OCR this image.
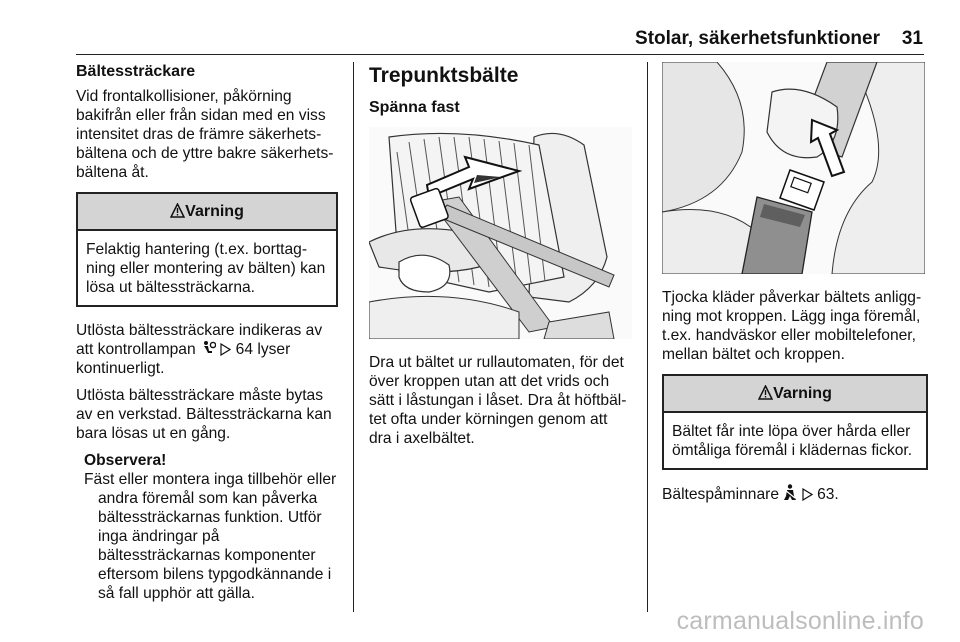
Stolar, säkerhetsfunktioner 31
Bältessträckare

Vid frontalkollisioner, påkörning bakifrån eller från sidan med en viss intensitet dras de främre säkerhets-bältena och de yttre bakre säkerhets-bältena åt.

Varning
Felaktig hantering (t.ex. borttag-ning eller montering av bälten) kan lösa ut bältessträckarna.

Utlösta bältessträckare indikeras av att kontrollampan	64 lyser kontinuerligt.

Utlösta bältessträckare måste bytas av en verkstad. Bältessträckarna kan bara lösas ut en gång.

Observera!
Fäst eller montera inga tillbehör eller andra föremål som kan påverka bältessträckarnas funktion. Utför inga ändringar på bältessträckarnas komponenter eftersom bilens typgodkännande i så fall upphör att gälla.
Trepunktsbälte
Spänna fast

Dra ut bältet ur rullautomaten, för det över kroppen utan att det vrids och sätt i låstungan i låset. Dra åt höftbäl-tet ofta under körningen genom att dra i axelbältet.

Tjocka kläder påverkar bältets anligg-ning mot kroppen. Lägg inga föremål, t.ex. handväskor eller mobiltelefoner, mellan bältet och kroppen.

Varning
Bältet får inte löpa över hårda eller ömtåliga föremål i klädernas fickor.

Bältespåminnare 63.

carmanualsonline.info
